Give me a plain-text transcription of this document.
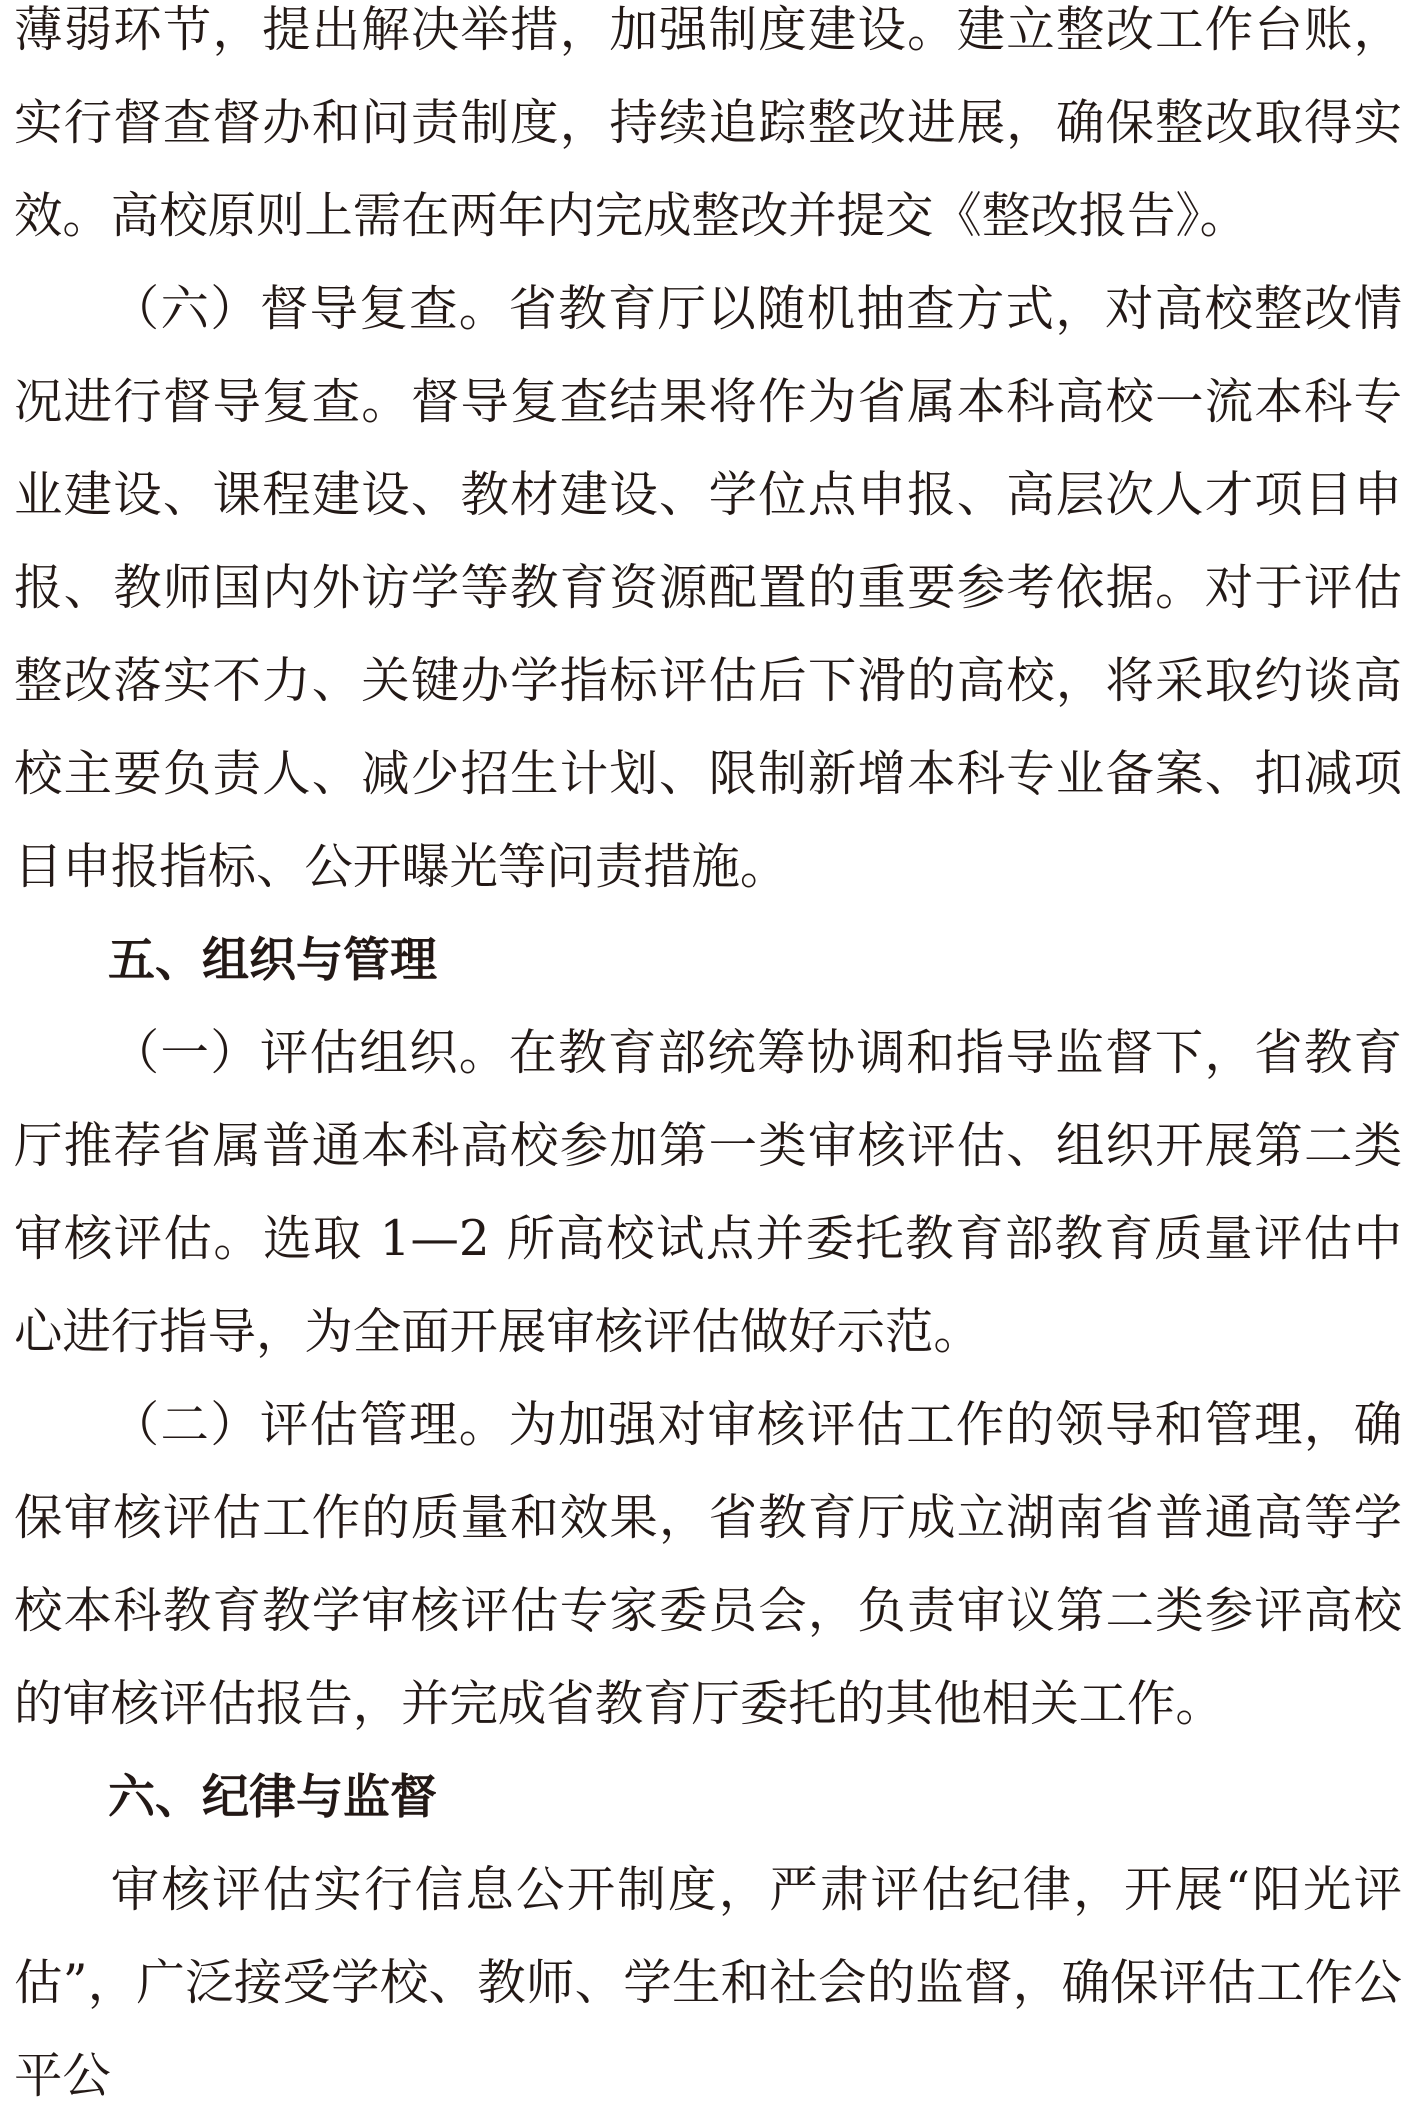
薄弱环节，提出解决举措，加强制度建设。建立整改工作台账，实行督查督办和问责制度，持续追踪整改进展，确保整改取得实效。高校原则上需在两年内完成整改并提交《整改报告》。

（六）督导复查。省教育厅以随机抽查方式，对高校整改情况进行督导复查。督导复查结果将作为省属本科高校一流本科专业建设、课程建设、教材建设、学位点申报、高层次人才项目申报、教师国内外访学等教育资源配置的重要参考依据。对于评估整改落实不力、关键办学指标评估后下滑的高校，将采取约谈高校主要负责人、减少招生计划、限制新增本科专业备案、扣减项目申报指标、公开曝光等问责措施。

五、组织与管理

（一）评估组织。在教育部统筹协调和指导监督下，省教育厅推荐省属普通本科高校参加第一类审核评估、组织开展第二类审核评估。选取 1—2 所高校试点并委托教育部教育质量评估中心进行指导，为全面开展审核评估做好示范。

（二）评估管理。为加强对审核评估工作的领导和管理，确保审核评估工作的质量和效果，省教育厅成立湖南省普通高等学校本科教育教学审核评估专家委员会，负责审议第二类参评高校的审核评估报告，并完成省教育厅委托的其他相关工作。

六、纪律与监督

审核评估实行信息公开制度，严肃评估纪律，开展“阳光评估”，广泛接受学校、教师、学生和社会的监督，确保评估工作公平公
